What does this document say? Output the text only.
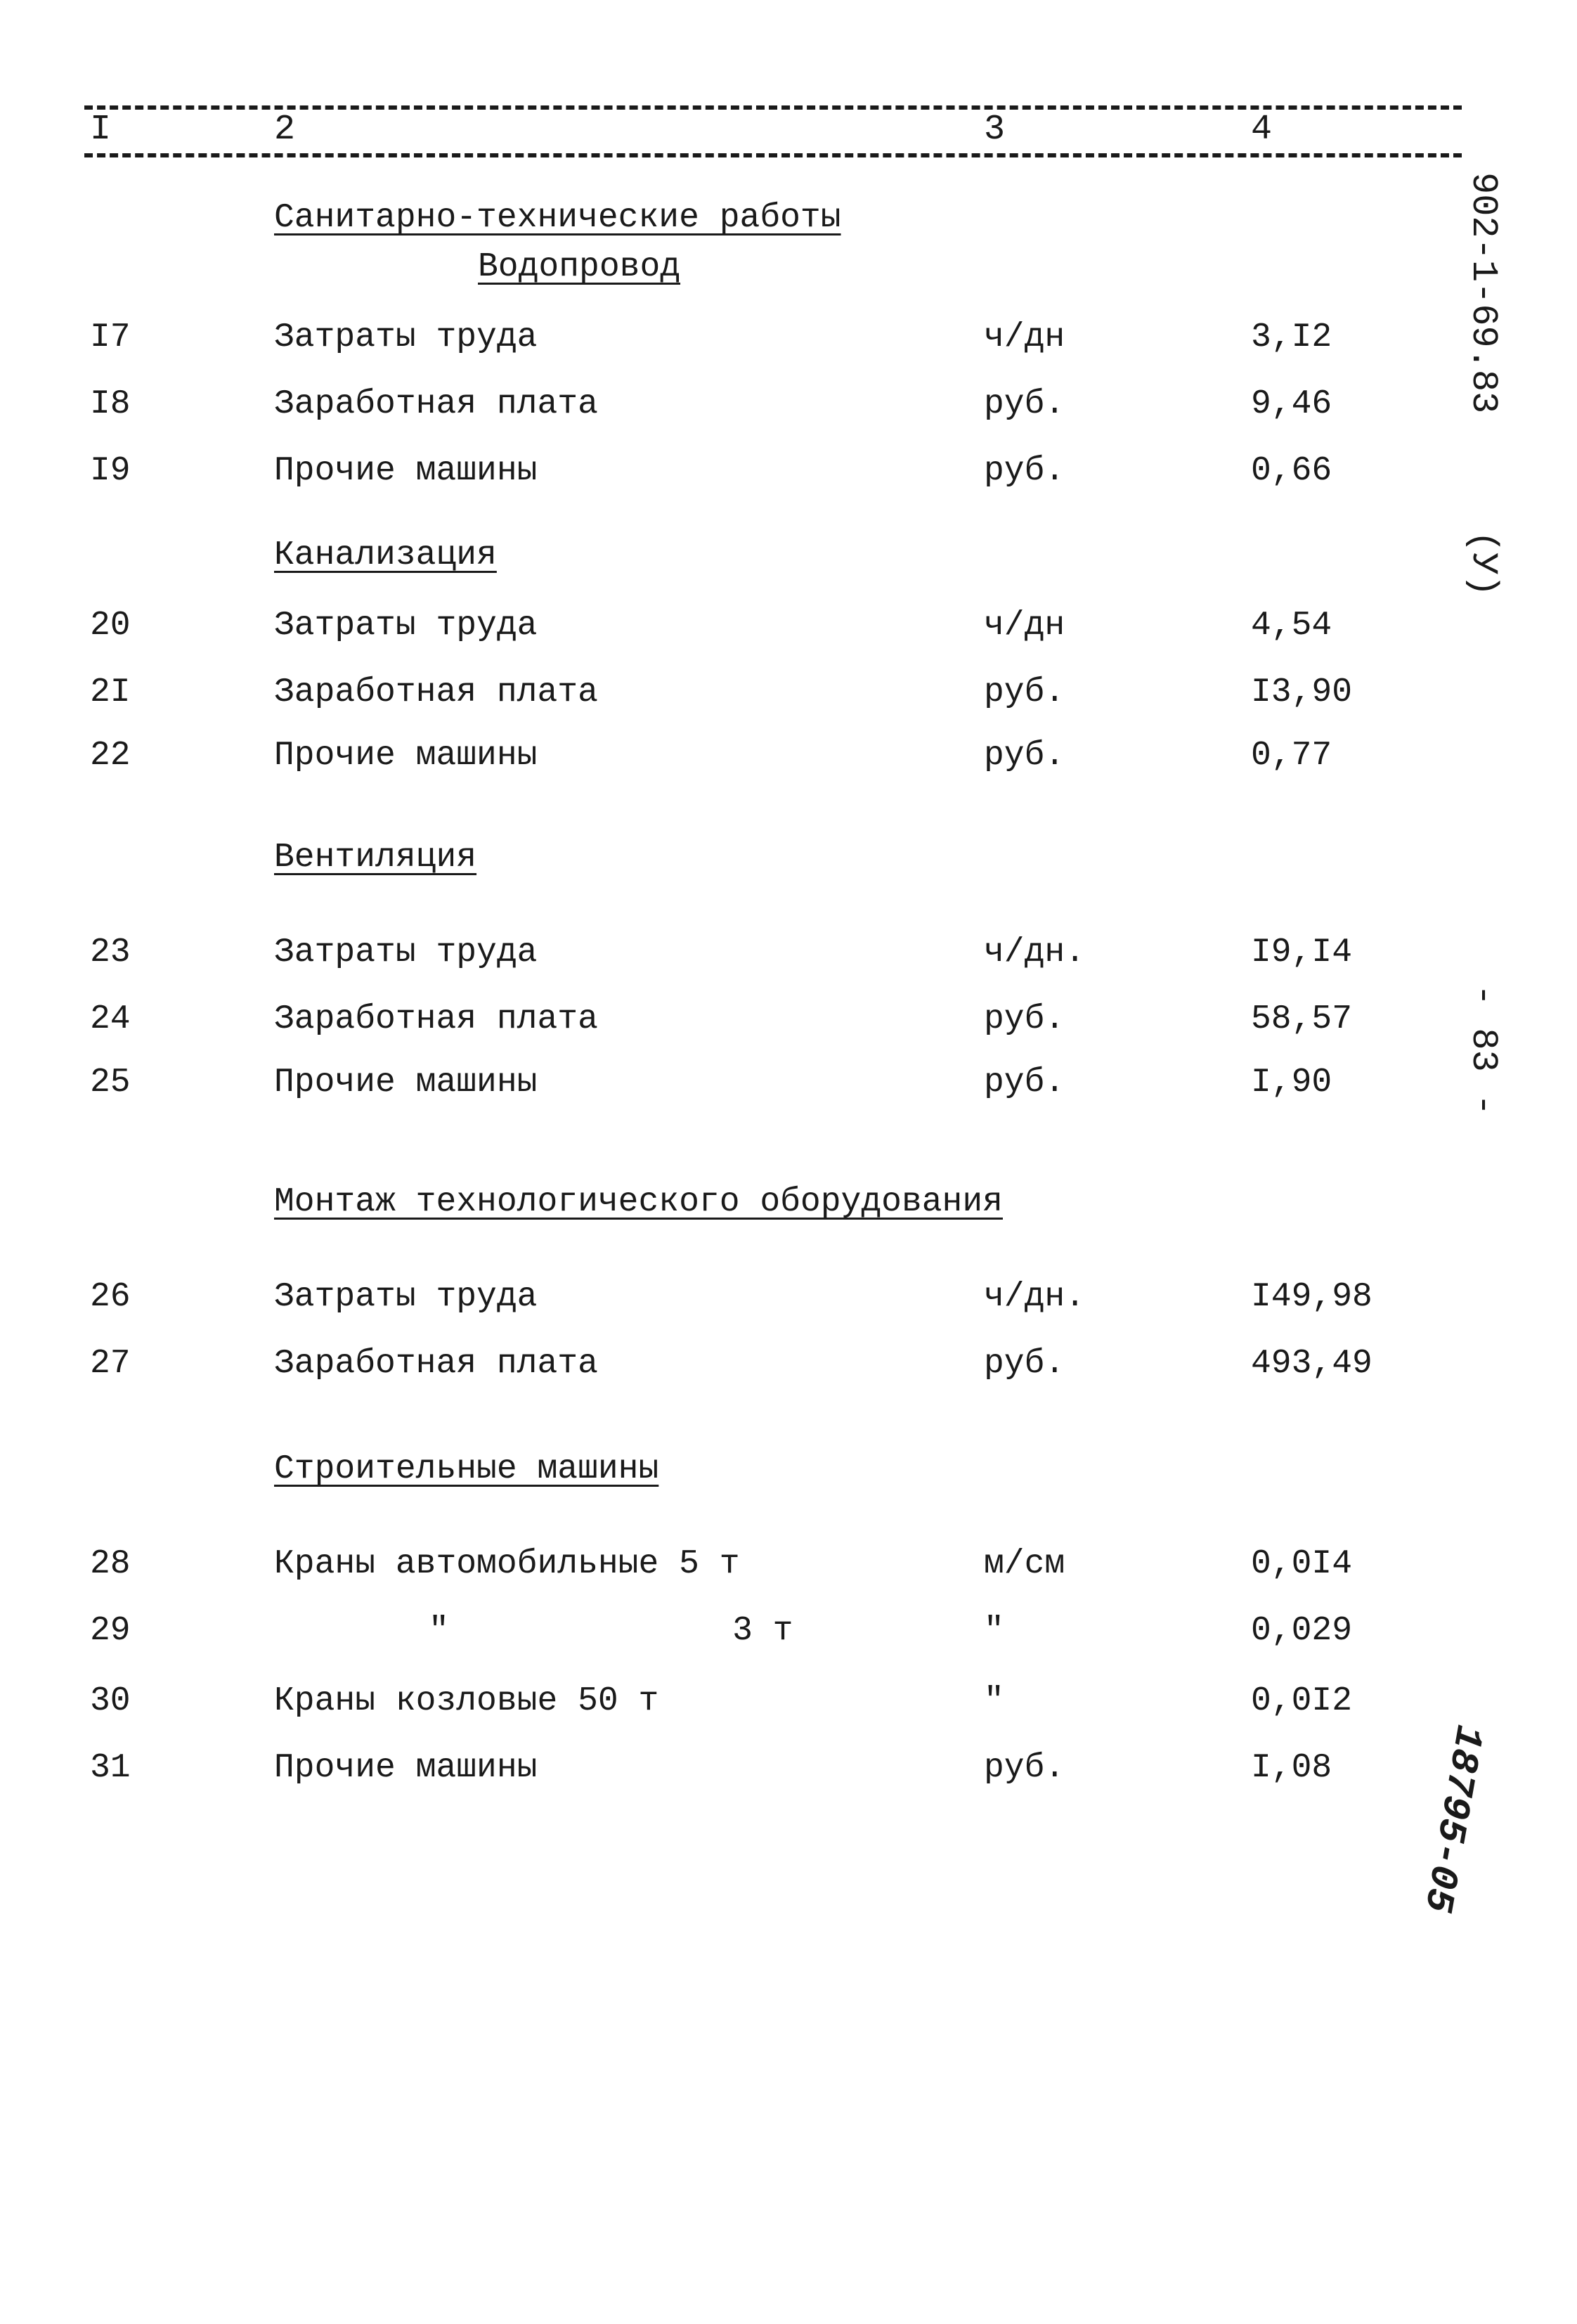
I	2	3	4
Санитарно-технические работы
Водопровод
Канализация
Вентиляция
Монтаж технологического оборудования
Строительные машины
I7	Затраты труда	ч/дн	3,I2
I8	Заработная плата	руб.	9,46
I9	Прочие машины	руб.	0,66
20	Затраты труда	ч/дн	4,54
2I	Заработная плата	руб.	I3,90
22	Прочие машины	руб.	0,77
23	Затраты труда	ч/дн.	I9,I4
24	Заработная плата	руб.	58,57
25	Прочие машины	руб.	I,90
26	Затраты труда	ч/дн.	I49,98
27	Заработная плата	руб.	493,49
28	Краны автомобильные 5 т	м/см	0,0I4
29	"              3 т	"	0,029
30	Краны козловые 50 т	"	0,0I2
31	Прочие машины	руб.	I,08
902-1-69.83
(У)
- 83 -
18795-05
